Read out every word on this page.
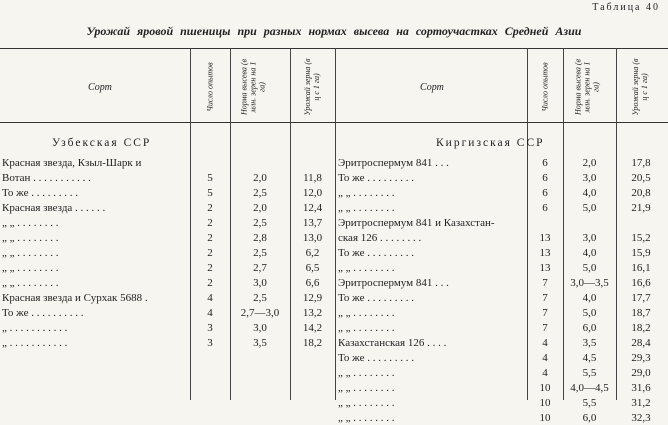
Таблица 40
Урожай яровой пшеницы при разных нормах высева на сортоучастках Средней Азии
Сорт	Число опытов	Норма высева (в млн. зерен на 1 га)	Урожай зерна (в ц с 1 га)	Сорт	Число опытов	Норма высева (в млн. зерен на 1 га)	Урожай зерна (в ц с 1 га)
Узбекская ССР	Киргизская ССР
Красная звезда, Кзыл-Шарк и
Вотан . . . . . . . . . . .	5	2,0	11,8
То же . . . . . . . . .	5	2,5	12,0
Красная звезда . . . . . .	2	2,0	12,4
„ „ . . . . . . . .	2	2,5	13,7
„ „ . . . . . . . .	2	2,8	13,0
„ „ . . . . . . . .	2	2,5	6,2
„ „ . . . . . . . .	2	2,7	6,5
„ „ . . . . . . . .	2	3,0	6,6
Красная звезда и Сурхак 5688 .	4	2,5	12,9
То же . . . . . . . . . .	4	2,7—3,0	13,2
„ . . . . . . . . . . .	3	3,0	14,2
„ . . . . . . . . . . .	3	3,5	18,2
Эритроспермум 841 . . .	6	2,0	17,8
То же . . . . . . . . .	6	3,0	20,5
„ „ . . . . . . . .	6	4,0	20,8
„ „ . . . . . . . .	6	5,0	21,9
Эритроспермум 841 и Казахстан-
ская 126 . . . . . . . .	13	3,0	15,2
То же . . . . . . . . .	13	4,0	15,9
„ „ . . . . . . . .	13	5,0	16,1
Эритроспермум 841 . . .	7	3,0—3,5	16,6
То же . . . . . . . . .	7	4,0	17,7
„ „ . . . . . . . .	7	5,0	18,7
„ „ . . . . . . . .	7	6,0	18,2
Казахстанская 126 . . . .	4	3,5	28,4
То же . . . . . . . . .	4	4,5	29,3
„ „ . . . . . . . .	4	5,5	29,0
„ „ . . . . . . . .	10	4,0—4,5	31,6
„ „ . . . . . . . .	10	5,5	31,2
„ „ . . . . . . . .	10	6,0	32,3
